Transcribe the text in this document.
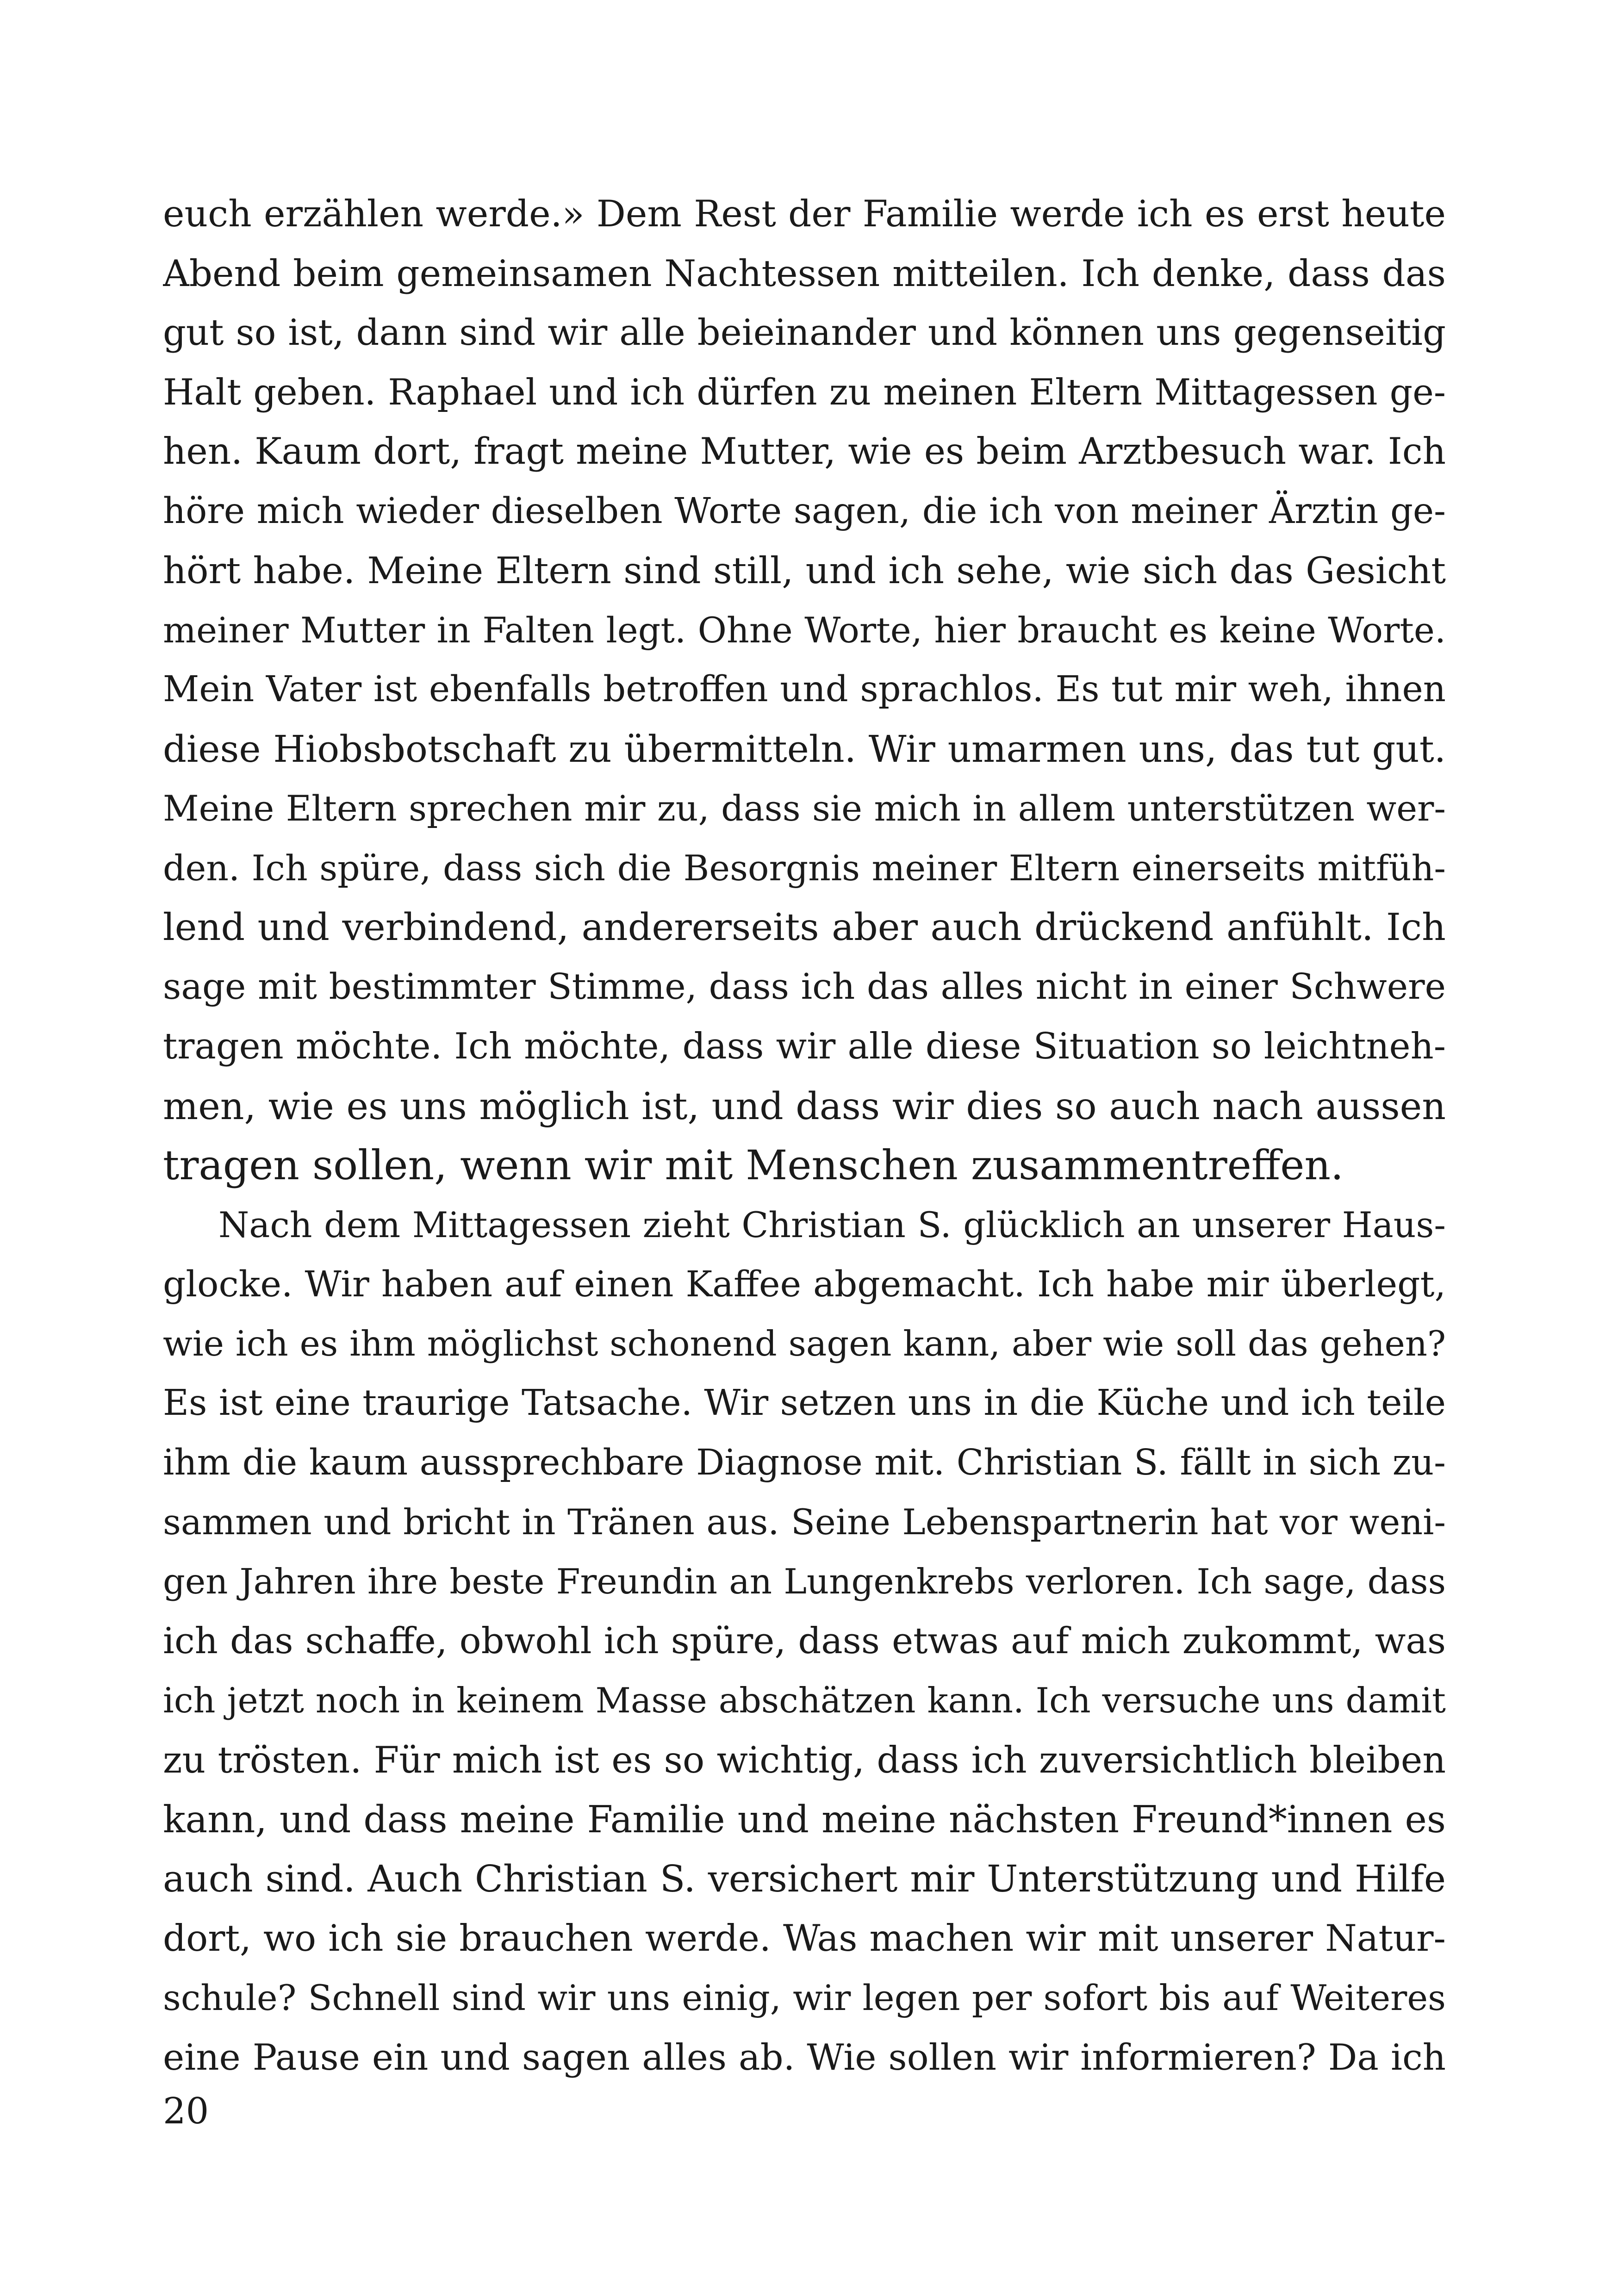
euch erzählen werde.» Dem Rest der Familie werde ich es erst heute
Abend beim gemeinsamen Nachtessen mitteilen. Ich denke, dass das
gut so ist, dann sind wir alle beieinander und können uns gegenseitig
Halt geben. Raphael und ich dürfen zu meinen Eltern Mittagessen ge-
hen. Kaum dort, fragt meine Mutter, wie es beim Arztbesuch war. Ich
höre mich wieder dieselben Worte sagen, die ich von meiner Ärztin ge-
hört habe. Meine Eltern sind still, und ich sehe, wie sich das Gesicht
meiner Mutter in Falten legt. Ohne Worte, hier braucht es keine Worte.
Mein Vater ist ebenfalls betroffen und sprachlos. Es tut mir weh, ihnen
diese Hiobsbotschaft zu übermitteln. Wir umarmen uns, das tut gut.
Meine Eltern sprechen mir zu, dass sie mich in allem unterstützen wer-
den. Ich spüre, dass sich die Besorgnis meiner Eltern einerseits mitfüh-
lend und verbindend, andererseits aber auch drückend anfühlt. Ich
sage mit bestimmter Stimme, dass ich das alles nicht in einer Schwere
tragen möchte. Ich möchte, dass wir alle diese Situation so leichtneh-
men, wie es uns möglich ist, und dass wir dies so auch nach aussen
tragen sollen, wenn wir mit Menschen zusammentreffen.
Nach dem Mittagessen zieht Christian S. glücklich an unserer Haus-
glocke. Wir haben auf einen Kaffee abgemacht. Ich habe mir überlegt,
wie ich es ihm möglichst schonend sagen kann, aber wie soll das gehen?
Es ist eine traurige Tatsache. Wir setzen uns in die Küche und ich teile
ihm die kaum aussprechbare Diagnose mit. Christian S. fällt in sich zu-
sammen und bricht in Tränen aus. Seine Lebenspartnerin hat vor weni-
gen Jahren ihre beste Freundin an Lungenkrebs verloren. Ich sage, dass
ich das schaffe, obwohl ich spüre, dass etwas auf mich zukommt, was
ich jetzt noch in keinem Masse abschätzen kann. Ich versuche uns damit
zu trösten. Für mich ist es so wichtig, dass ich zuversichtlich bleiben
kann, und dass meine Familie und meine nächsten Freund*innen es
auch sind. Auch Christian S. versichert mir Unterstützung und Hilfe
dort, wo ich sie brauchen werde. Was machen wir mit unserer Natur-
schule? Schnell sind wir uns einig, wir legen per sofort bis auf Weiteres
eine Pause ein und sagen alles ab. Wie sollen wir informieren? Da ich
20
